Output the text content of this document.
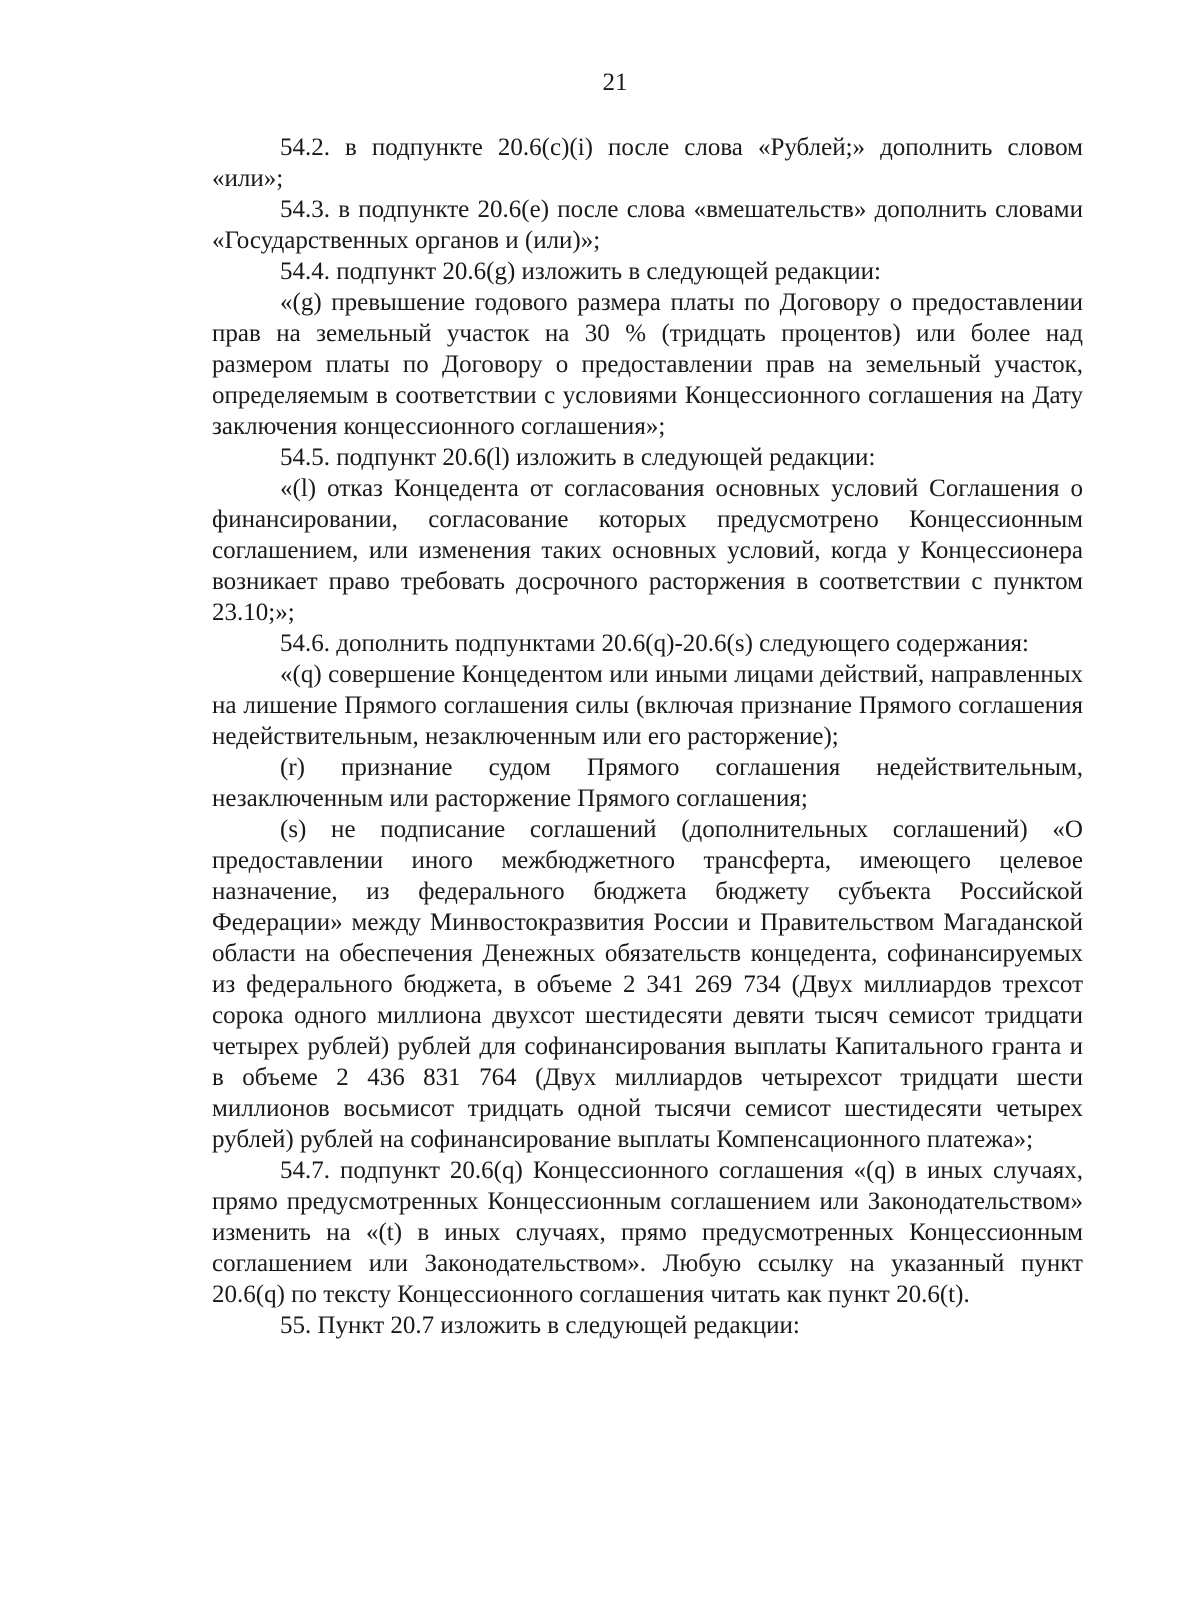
21

54.2. в подпункте 20.6(c)(i) после слова «Рублей;» дополнить словом «или»;

54.3. в подпункте 20.6(e) после слова «вмешательств» дополнить словами «Государственных органов и (или)»;

54.4. подпункт 20.6(g) изложить в следующей редакции:

«(g) превышение годового размера платы по Договору о предоставлении прав на земельный участок на 30 % (тридцать процентов) или более над размером платы по Договору о предоставлении прав на земельный участок, определяемым в соответствии с условиями Концессионного соглашения на Дату заключения концессионного соглашения»;

54.5. подпункт 20.6(l) изложить в следующей редакции:

«(l) отказ Концедента от согласования основных условий Соглашения о финансировании, согласование которых предусмотрено Концессионным соглашением, или изменения таких основных условий, когда у Концессионера возникает право требовать досрочного расторжения в соответствии с пунктом 23.10;»;

54.6. дополнить подпунктами 20.6(q)-20.6(s) следующего содержания:

«(q) совершение Концедентом или иными лицами действий, направленных на лишение Прямого соглашения силы (включая признание Прямого соглашения недействительным, незаключенным или его расторжение);

(r) признание судом Прямого соглашения недействительным, незаключенным или расторжение Прямого соглашения;

(s) не подписание соглашений (дополнительных соглашений) «О предоставлении иного межбюджетного трансферта, имеющего целевое назначение, из федерального бюджета бюджету субъекта Российской Федерации» между Минвостокразвития России и Правительством Магаданской области на обеспечения Денежных обязательств концедента, софинансируемых из федерального бюджета, в объеме 2 341 269 734 (Двух миллиардов трехсот сорока одного миллиона двухсот шестидесяти девяти тысяч семисот тридцати четырех рублей) рублей для софинансирования выплаты Капитального гранта и в объеме 2 436 831 764 (Двух миллиардов четырехсот тридцати шести миллионов восьмисот тридцать одной тысячи семисот шестидесяти четырех рублей) рублей на софинансирование выплаты Компенсационного платежа»;

54.7. подпункт 20.6(q) Концессионного соглашения «(q) в иных случаях, прямо предусмотренных Концессионным соглашением или Законодательством» изменить на «(t) в иных случаях, прямо предусмотренных Концессионным соглашением или Законодательством». Любую ссылку на указанный пункт 20.6(q) по тексту Концессионного соглашения читать как пункт 20.6(t).

55. Пункт 20.7 изложить в следующей редакции:
